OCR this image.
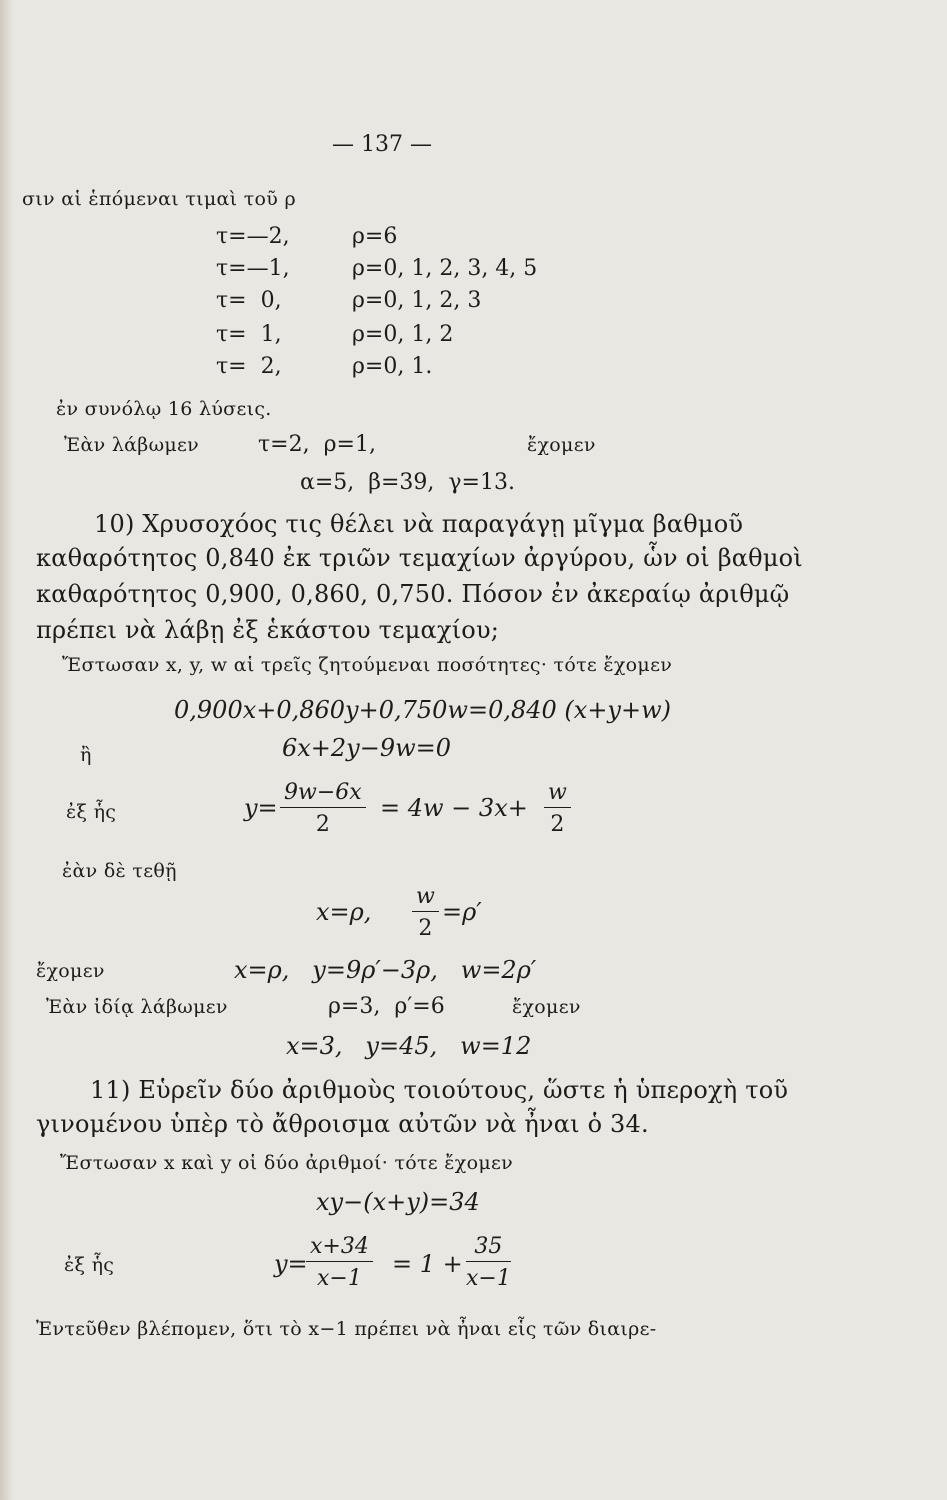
— 137 —
σιν αἱ ἑπόμεναι τιμαὶ τοῦ ρ
τ=—2,	ρ=6
τ=—1,	ρ=0, 1, 2, 3, 4, 5
τ=  0,	ρ=0, 1, 2, 3
τ=  1,	ρ=0, 1, 2
τ=  2,	ρ=0, 1.
ἐν συνόλῳ 16 λύσεις.
Ἐὰν λάβωμεν	τ=2,  ρ=1,	ἔχομεν
α=5,  β=39,  γ=13.
10) Χρυσοχόος τις θέλει νὰ παραγάγῃ μῖγμα βαθμοῦ
καθαρότητος 0,840 ἐκ τριῶν τεμαχίων ἀργύρου, ὧν οἱ βαθμοὶ
καθαρότητος 0,900, 0,860, 0,750. Πόσον ἐν ἀκεραίῳ ἀριθμῷ
πρέπει νὰ λάβῃ ἐξ ἑκάστου τεμαχίου;
Ἔστωσαν x, y, w αἱ τρεῖς ζητούμεναι ποσότητες· τότε ἔχομεν
0,900x+0,860y+0,750w=0,840 (x+y+w)
ἢ	6x+2y−9w=0
ἐξ ἧς	y=
9w−6x
2
= 4w − 3x+
w
2
ἐὰν δὲ τεθῇ
x=ρ,
w
2
=ρ′
ἔχομεν	x=ρ,   y=9ρ′−3ρ,   w=2ρ′
Ἐὰν ἰδίᾳ λάβωμεν	ρ=3,  ρ′=6	ἔχομεν
x=3,   y=45,   w=12
11) Εὑρεῖν δύο ἀριθμοὺς τοιούτους, ὥστε ἡ ὑπεροχὴ τοῦ
γινομένου ὑπὲρ τὸ ἄθροισμα αὐτῶν νὰ ἦναι ὁ 34.
Ἔστωσαν x καὶ y οἱ δύο ἀριθμοί· τότε ἔχομεν
xy−(x+y)=34
ἐξ ἧς	y=
x+34
x−1
= 1 +
35
x−1
Ἐντεῦθεν βλέπομεν, ὅτι τὸ x−1 πρέπει νὰ ἦναι εἷς τῶν διαιρε-
